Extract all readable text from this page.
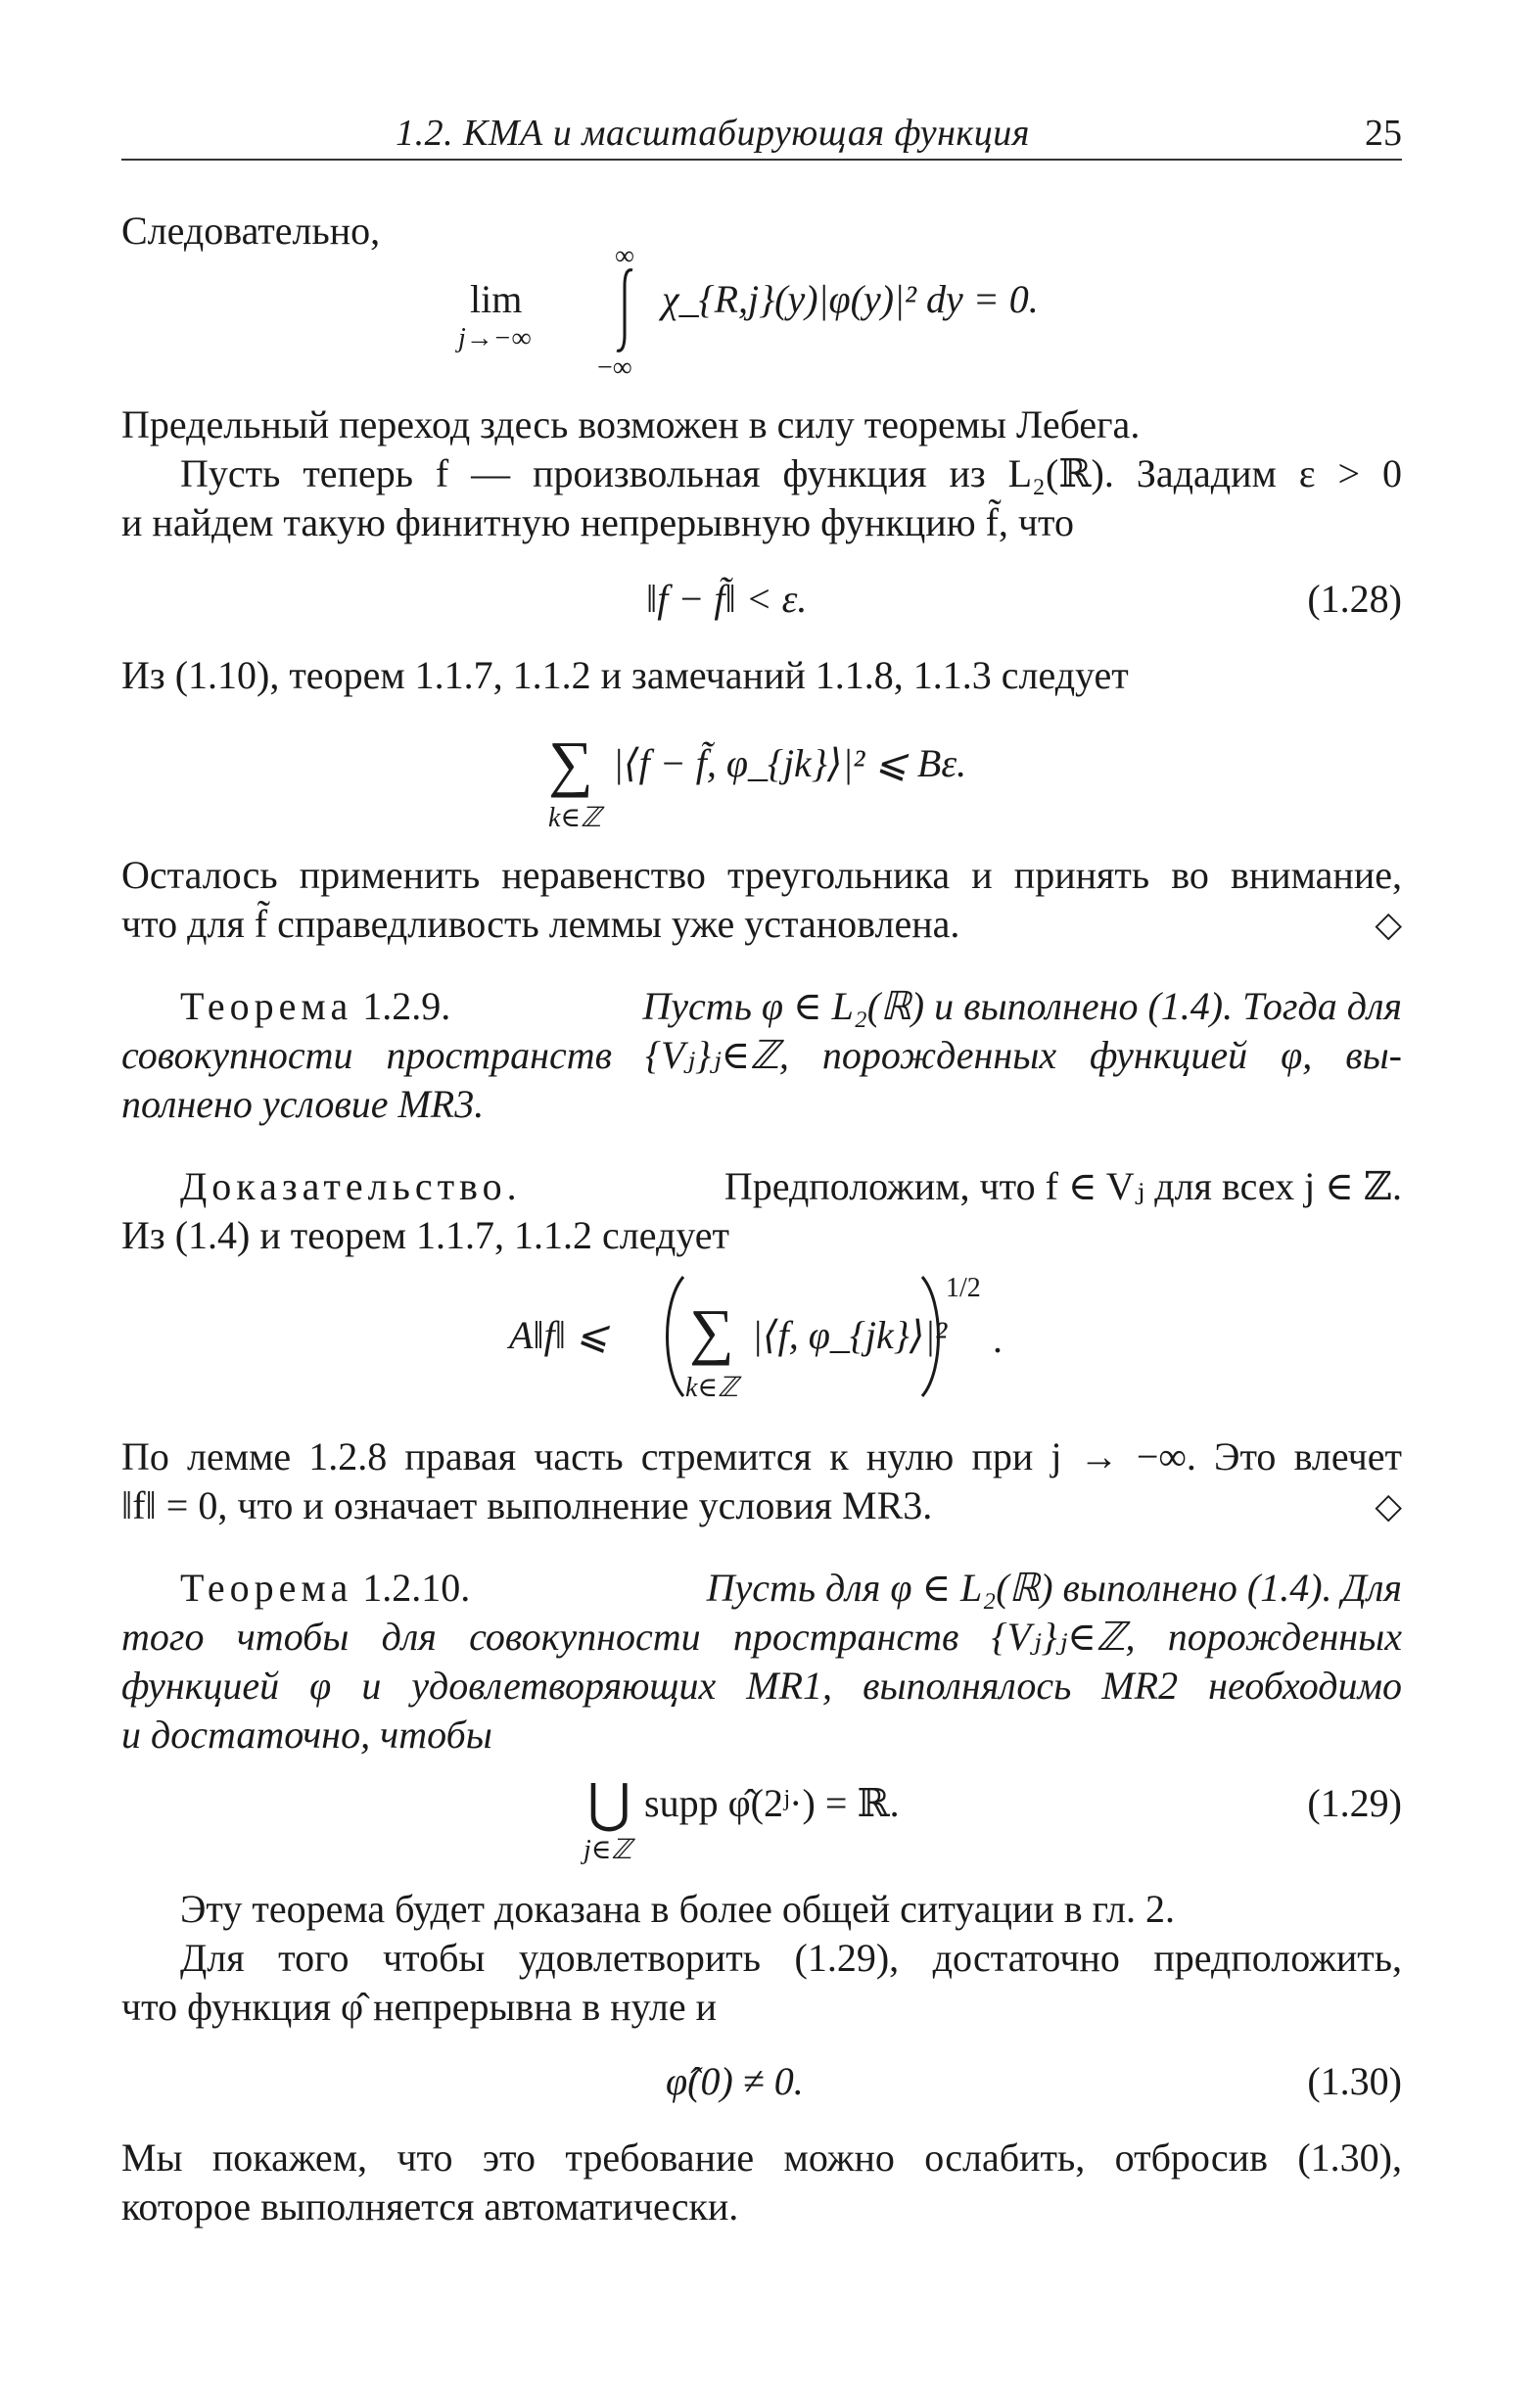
1.2. КМА и масштабирующая функция	25
Следовательно,
∞
lim	χ_{R,j}(y)|φ(y)|² dy = 0.
j→−∞
−∞
Предельный переход здесь возможен в силу теоремы Лебега.
Пусть теперь f — произвольная функция из L₂(ℝ). Зададим ε > 0
и найдем такую финитную непрерывную функцию f̃, что
‖f − f̃‖ < ε.	(1.28)
Из (1.10), теорем 1.1.7, 1.1.2 и замечаний 1.1.8, 1.1.3 следует
∑ |⟨f − f̃, φ_{jk}⟩|² ⩽ Bε.
k∈ℤ
Осталось применить неравенство треугольника и принять во внимание,
что для f̃ справедливость леммы уже установлена.	◇
Теорема 1.2.9.	Пусть φ ∈ L₂(ℝ) и выполнено (1.4). Тогда для
совокупности пространств {Vⱼ}ⱼ∈ℤ, порожденных функцией φ, вы-
полнено условие MR3.
Доказательство.	Предположим, что f ∈ Vⱼ для всех j ∈ ℤ.
Из (1.4) и теорем 1.1.7, 1.1.2 следует
A‖f‖ ⩽ ∑ |⟨f, φ_{jk}⟩|²
k∈ℤ
1/2
.
По лемме 1.2.8 правая часть стремится к нулю при j → −∞. Это влечет
‖f‖ = 0, что и означает выполнение условия MR3.	◇
Теорема 1.2.10.	Пусть для φ ∈ L₂(ℝ) выполнено (1.4). Для
того чтобы для совокупности пространств {Vⱼ}ⱼ∈ℤ, порожденных
функцией φ и удовлетворяющих MR1, выполнялось MR2 необходимо
и достаточно, чтобы
⋃ supp φ̂(2ʲ·) = ℝ.
j∈ℤ
(1.29)
Эту теорема будет доказана в более общей ситуации в гл. 2.
Для того чтобы удовлетворить (1.29), достаточно предположить,
что функция φ̂ непрерывна в нуле и
φ̂(0) ≠ 0.	(1.30)
Мы покажем, что это требование можно ослабить, отбросив (1.30),
которое выполняется автоматически.
